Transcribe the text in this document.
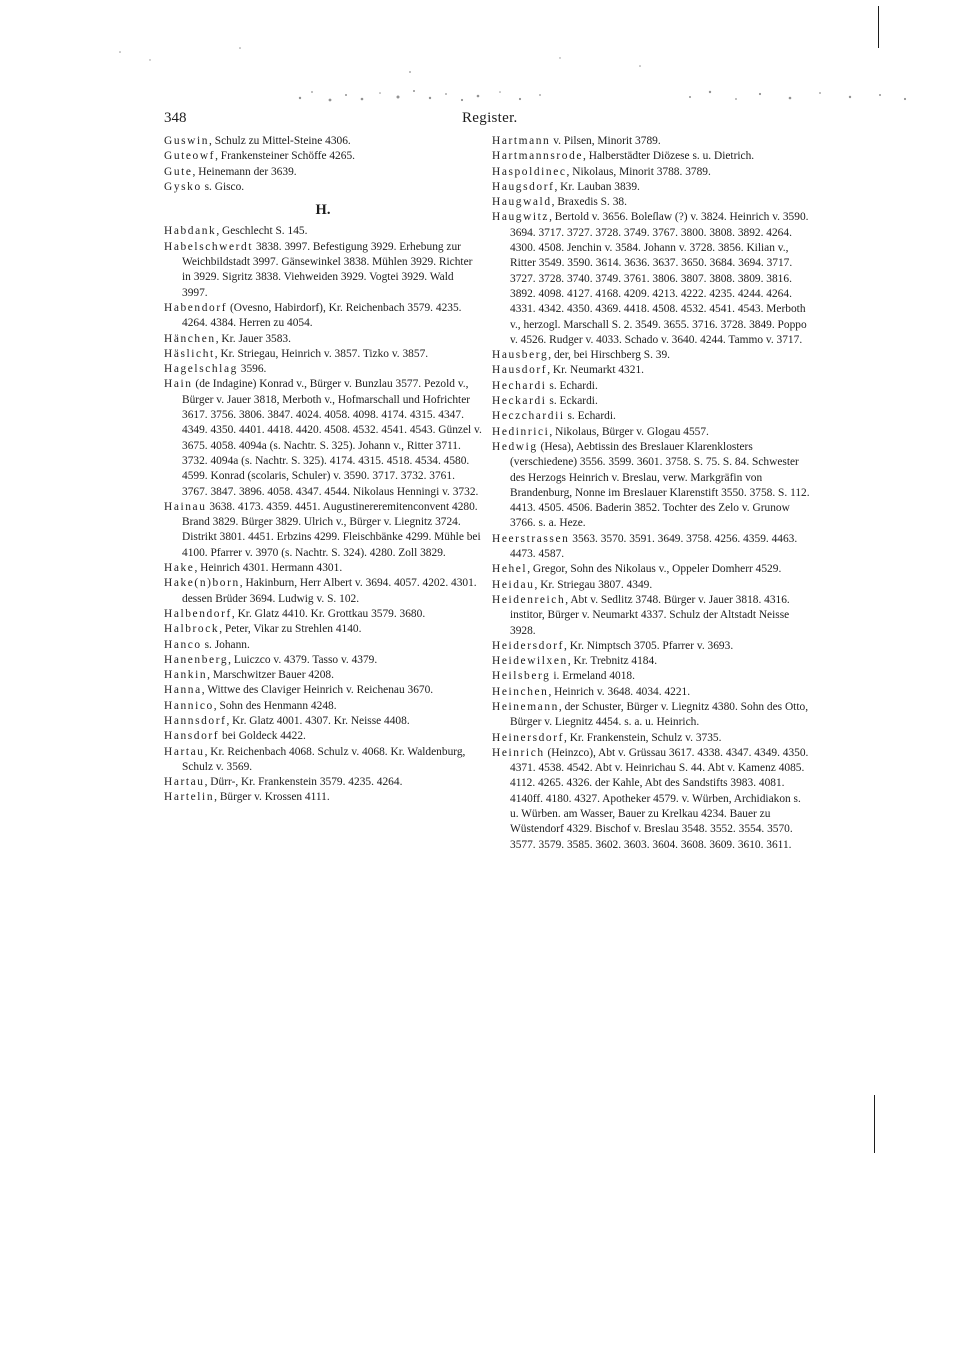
348	Register.

Guswin, Schulz zu Mittel-Steine 4306.

Guteowf, Frankensteiner Schöffe 4265.

Gute, Heinemann der 3639.

Gysko s. Gisco.

H.

Habdank, Geschlecht S. 145.

Habelschwerdt 3838. 3997. Befestigung 3929. Erhebung zur Weichbildstadt 3997. Gänsewinkel 3838. Mühlen 3929. Richter in 3929. Sigritz 3838. Viehweiden 3929. Vogtei 3929. Wald 3997.

Habendorf (Ovesno, Habirdorf), Kr. Reichenbach 3579. 4235. 4264. 4384. Herren zu 4054.

Hänchen, Kr. Jauer 3583.

Häslicht, Kr. Striegau, Heinrich v. 3857. Tizko v. 3857.

Hagelschlag 3596.

Hain (de Indagine) Konrad v., Bürger v. Bunzlau 3577. Pezold v., Bürger v. Jauer 3818, Merboth v., Hofmarschall und Hofrichter 3617. 3756. 3806. 3847. 4024. 4058. 4098. 4174. 4315. 4347. 4349. 4350. 4401. 4418. 4420. 4508. 4532. 4541. 4543. Günzel v. 3675. 4058. 4094a (s. Nachtr. S. 325). Johann v., Ritter 3711. 3732. 4094a (s. Nachtr. S. 325). 4174. 4315. 4518. 4534. 4580. 4599. Konrad (scolaris, Schuler) v. 3590. 3717. 3732. 3761. 3767. 3847. 3896. 4058. 4347. 4544. Nikolaus Henningi v. 3732.

Hainau 3638. 4173. 4359. 4451. Augustinereremitenconvent 4280. Brand 3829. Bürger 3829. Ulrich v., Bürger v. Liegnitz 3724. Distrikt 3801. 4451. Erbzins 4299. Fleischbänke 4299. Mühle bei 4100. Pfarrer v. 3970 (s. Nachtr. S. 324). 4280. Zoll 3829.

Hake, Heinrich 4301. Hermann 4301.

Hake(n)born, Hakinburn, Herr Albert v. 3694. 4057. 4202. 4301. dessen Brüder 3694. Ludwig v. S. 102.

Halbendorf, Kr. Glatz 4410. Kr. Grottkau 3579. 3680.

Halbrock, Peter, Vikar zu Strehlen 4140.

Hanco s. Johann.

Hanenberg, Luiczco v. 4379. Tasso v. 4379.

Hankin, Marschwitzer Bauer 4208.

Hanna, Wittwe des Claviger Heinrich v. Reichenau 3670.

Hannico, Sohn des Henmann 4248.

Hannsdorf, Kr. Glatz 4001. 4307. Kr. Neisse 4408.

Hansdorf bei Goldeck 4422.

Hartau, Kr. Reichenbach 4068. Schulz v. 4068. Kr. Waldenburg, Schulz v. 3569.

Hartau, Dürr-, Kr. Frankenstein 3579. 4235. 4264.

Hartelin, Bürger v. Krossen 4111.

Hartmann v. Pilsen, Minorit 3789.

Hartmannsrode, Halberstädter Diözese s. u. Dietrich.

Haspoldinec, Nikolaus, Minorit 3788. 3789.

Haugsdorf, Kr. Lauban 3839.

Haugwald, Braxedis S. 38.

Haugwitz, Bertold v. 3656. Boleſlaw (?) v. 3824. Heinrich v. 3590. 3694. 3717. 3727. 3728. 3749. 3767. 3800. 3808. 3892. 4264. 4300. 4508. Jenchin v. 3584. Johann v. 3728. 3856. Kilian v., Ritter 3549. 3590. 3614. 3636. 3637. 3650. 3684. 3694. 3717. 3727. 3728. 3740. 3749. 3761. 3806. 3807. 3808. 3809. 3816. 3892. 4098. 4127. 4168. 4209. 4213. 4222. 4235. 4244. 4264. 4331. 4342. 4350. 4369. 4418. 4508. 4532. 4541. 4543. Merboth v., herzogl. Marschall S. 2. 3549. 3655. 3716. 3728. 3849. Poppo v. 4526. Rudger v. 4033. Schado v. 3640. 4244. Tammo v. 3717.

Hausberg, der, bei Hirschberg S. 39.

Hausdorf, Kr. Neumarkt 4321.

Hechardi s. Echardi.

Heckardi s. Eckardi.

Heczchardii s. Echardi.

Hedinrici, Nikolaus, Bürger v. Glogau 4557.

Hedwig (Hesa), Aebtissin des Breslauer Klarenklosters (verschiedene) 3556. 3599. 3601. 3758. S. 75. S. 84. Schwester des Herzogs Heinrich v. Breslau, verw. Markgräfin von Brandenburg, Nonne im Breslauer Klarenstift 3550. 3758. S. 112. 4413. 4505. 4506. Baderin 3852. Tochter des Zelo v. Grunow 3766. s. a. Heze.

Heerstrassen 3563. 3570. 3591. 3649. 3758. 4256. 4359. 4463. 4473. 4587.

Hehel, Gregor, Sohn des Nikolaus v., Oppeler Domherr 4529.

Heidau, Kr. Striegau 3807. 4349.

Heidenreich, Abt v. Sedlitz 3748. Bürger v. Jauer 3818. 4316. institor, Bürger v. Neumarkt 4337. Schulz der Altstadt Neisse 3928.

Heidersdorf, Kr. Nimptsch 3705. Pfarrer v. 3693.

Heidewilxen, Kr. Trebnitz 4184.

Heilsberg i. Ermeland 4018.

Heinchen, Heinrich v. 3648. 4034. 4221.

Heinemann, der Schuster, Bürger v. Liegnitz 4380. Sohn des Otto, Bürger v. Liegnitz 4454. s. a. u. Heinrich.

Heinersdorf, Kr. Frankenstein, Schulz v. 3735.

Heinrich (Heinzco), Abt v. Grüssau 3617. 4338. 4347. 4349. 4350. 4371. 4538. 4542. Abt v. Heinrichau S. 44. Abt v. Kamenz 4085. 4112. 4265. 4326. der Kahle, Abt des Sandstifts 3983. 4081. 4140ff. 4180. 4327. Apotheker 4579. v. Würben, Archidiakon s. u. Würben. am Wasser, Bauer zu Krelkau 4234. Bauer zu Wüstendorf 4329. Bischof v. Breslau 3548. 3552. 3554. 3570. 3577. 3579. 3585. 3602. 3603. 3604. 3608. 3609. 3610. 3611.
